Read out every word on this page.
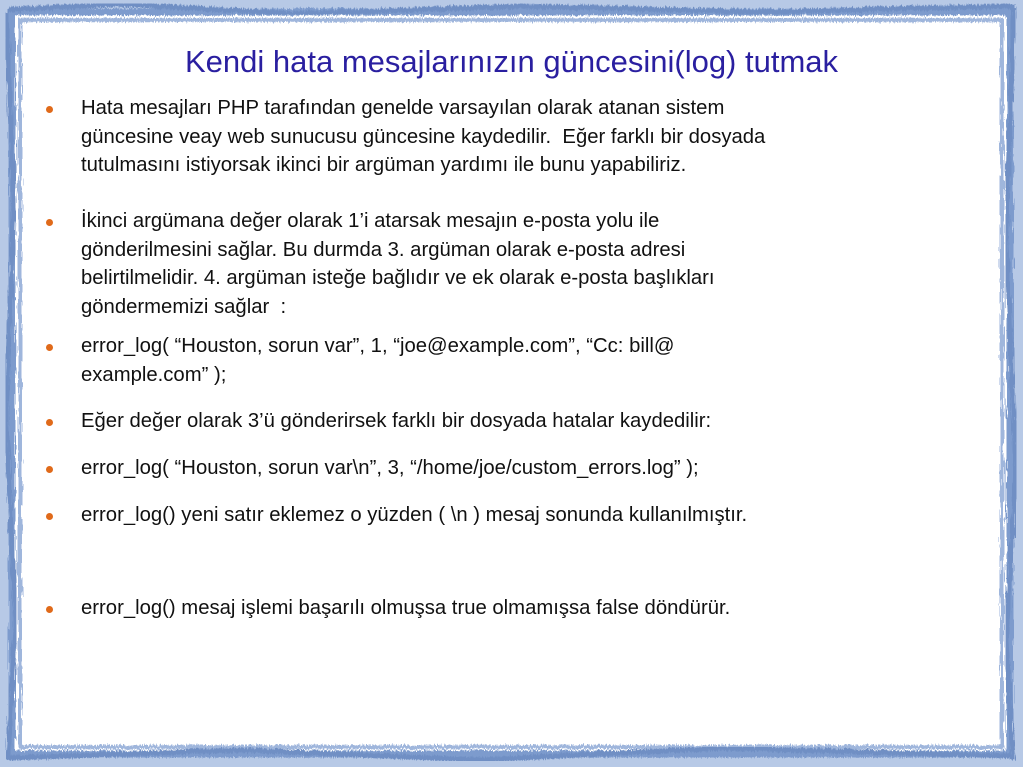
Kendi hata mesajlarınızın güncesini(log) tutmak
Hata mesajları PHP tarafından genelde varsayılan olarak atanan sistem
güncesine veay web sunucusu güncesine kaydedilir.  Eğer farklı bir dosyada
tutulmasını istiyorsak ikinci bir argüman yardımı ile bunu yapabiliriz.
İkinci argümana değer olarak 1’i atarsak mesajın e-posta yolu ile
gönderilmesini sağlar. Bu durmda 3. argüman olarak e-posta adresi
belirtilmelidir. 4. argüman isteğe bağlıdır ve ek olarak e-posta başlıkları
göndermemizi sağlar  :
error_log( “Houston, sorun var”, 1, “joe@example.com”, “Cc: bill@
example.com” );
Eğer değer olarak 3’ü gönderirsek farklı bir dosyada hatalar kaydedilir:
error_log( “Houston, sorun var\n”, 3, “/home/joe/custom_errors.log” );
error_log() yeni satır eklemez o yüzden ( \n ) mesaj sonunda kullanılmıştır.
error_log() mesaj işlemi başarılı olmuşsa true olmamışsa false döndürür.
